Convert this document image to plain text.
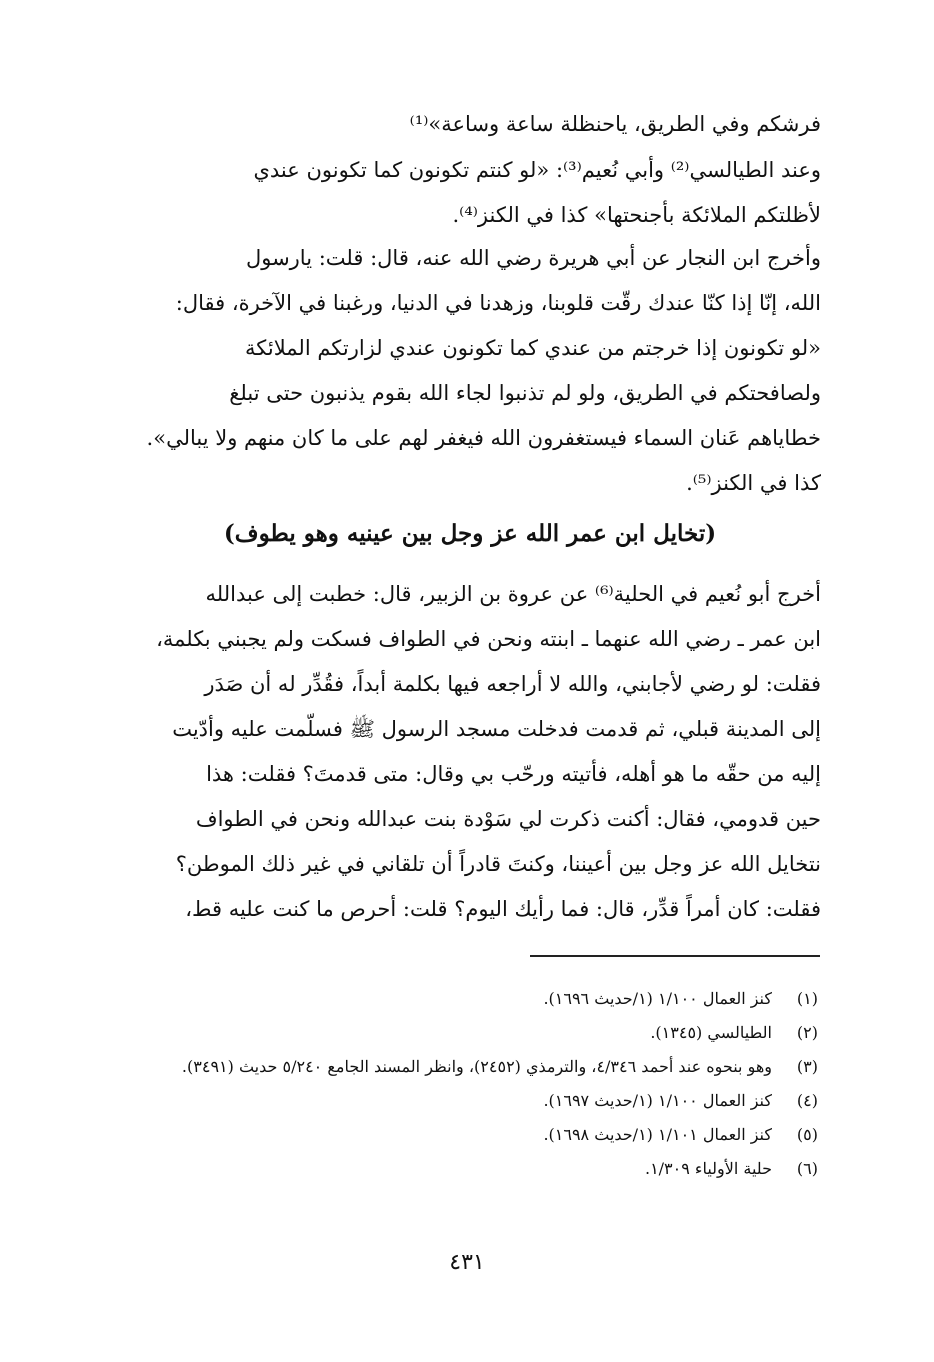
فرشكم وفي الطريق، ياحنظلة ساعة وساعة»⁽¹⁾

وعند الطيالسي⁽²⁾ وأبي نُعيم⁽³⁾: «لو كنتم تكونون كما تكونون عندي
لأظلتكم الملائكة بأجنحتها» كذا في الكنز⁽⁴⁾.

وأخرج ابن النجار عن أبي هريرة رضي الله عنه، قال: قلت: يارسول
الله، إنّا إذا كنّا عندك رقّت قلوبنا، وزهدنا في الدنيا، ورغبنا في الآخرة، فقال:
«لو تكونون إذا خرجتم من عندي كما تكونون عندي لزارتكم الملائكة
ولصافحتكم في الطريق، ولو لم تذنبوا لجاء الله بقوم يذنبون حتى تبلغ
خطاياهم عَنان السماء فيستغفرون الله فيغفر لهم على ما كان منهم ولا يبالي».
كذا في الكنز⁽⁵⁾.

(تخايل ابن عمر الله عز وجل بين عينيه وهو يطوف)

أخرج أبو نُعيم في الحلية⁽⁶⁾ عن عروة بن الزبير، قال: خطبت إلى عبدالله
ابن عمر ـ رضي الله عنهما ـ ابنته ونحن في الطواف فسكت ولم يجبني بكلمة،
فقلت: لو رضي لأجابني، والله لا أراجعه فيها بكلمة أبداً، فقُدِّر له أن صَدَر
إلى المدينة قبلي، ثم قدمت فدخلت مسجد الرسول ﷺ فسلّمت عليه وأدّيت
إليه من حقّه ما هو أهله، فأتيته ورحّب بي وقال: متى قدمتَ؟ فقلت: هذا
حين قدومي، فقال: أكنت ذكرت لي سَوْدة بنت عبدالله ونحن في الطواف
نتخايل الله عز وجل بين أعيننا، وكنتَ قادراً أن تلقاني في غير ذلك الموطن؟
فقلت: كان أمراً قدِّر، قال: فما رأيك اليوم؟ قلت: أحرص ما كنت عليه قط،

(١)
كنز العمال ١/١٠٠ (١/حديث ١٦٩٦).
(٢)
الطيالسي (١٣٤٥).
(٣)
وهو بنحوه عند أحمد ٤/٣٤٦، والترمذي (٢٤٥٢)، وانظر المسند الجامع ٥/٢٤٠ حديث (٣٤٩١).
(٤)
كنز العمال ١/١٠٠ (١/حديث ١٦٩٧).
(٥)
كنز العمال ١/١٠١ (١/حديث ١٦٩٨).
(٦)
حلية الأولياء ١/٣٠٩.
٤٣١
